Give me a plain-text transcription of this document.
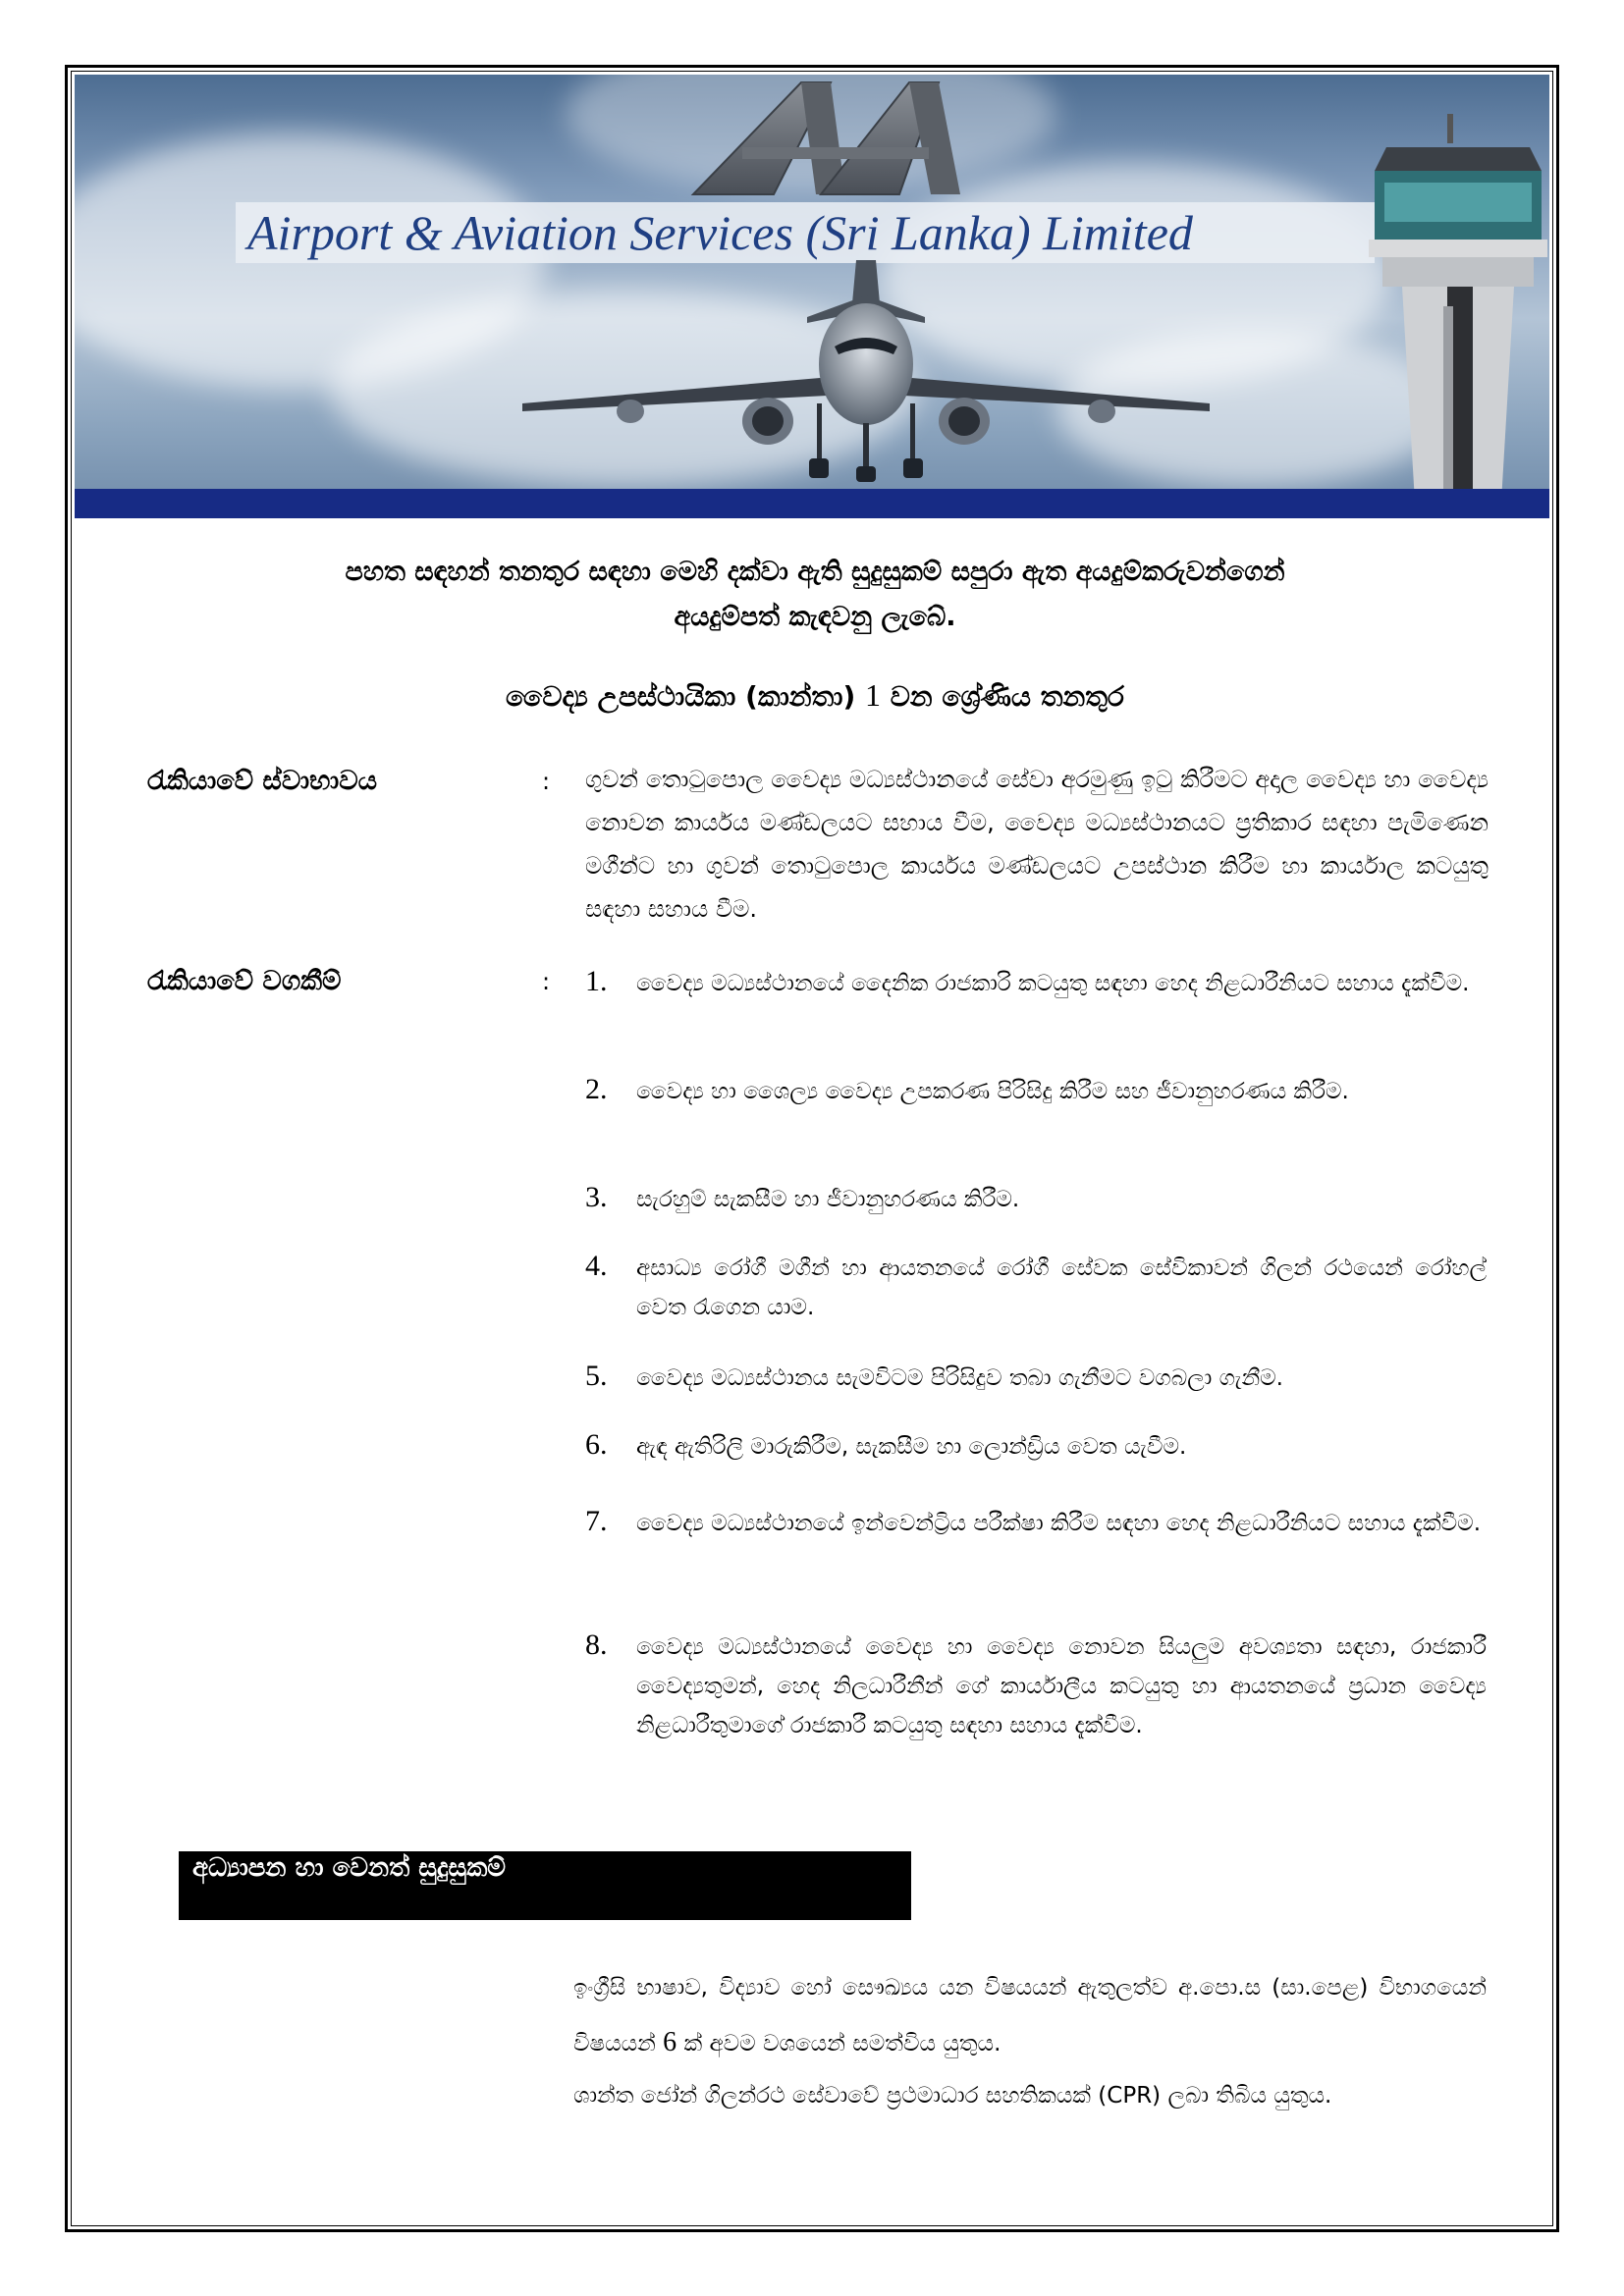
Airport & Aviation Services (Sri Lanka) Limited
පහත සඳහන් තනතුර සඳහා මෙහි දක්වා ඇති සුදුසුකම් සපුරා ඇත අයදුම්කරුවන්ගෙන්
අයදුම්පත් කැඳවනු ලැබේ.
වෛද්‍ය උපස්ථායිකා (කාන්තා) 1 වන ශ්‍රේණිය තනතුර
රැකියාවේ ස්වාභාවය	: ගුවන් තොටුපොල වෛද්‍ය මධ්‍යස්ථානයේ සේවා අරමුණු ඉටු කිරීමට අදාල වෛද්‍ය හා වෛද්‍ය නොවන කාර්යය මණ්ඩලයට සහාය වීම, වෛද්‍ය මධ්‍යස්ථානයට ප්‍රතිකාර සඳහා පැමිණෙන මගීන්ට හා ගුවන් තොටුපොල කාර්යය මණ්ඩලයට උපස්ථාන කිරීම හා කාර්යාල කටයුතු සඳහා සහාය වීම.
රැකියාවේ වගකීම්	: 1. වෛද්‍ය මධ්‍යස්ථානයේ දෛනික රාජකාරි කටයුතු සඳහා හෙද නිළධාරීනියට සහාය දැක්වීම.
2. වෛද්‍ය හා ශෛල්‍ය වෛද්‍ය උපකරණ පිරිසිදු කිරීම සහ ජීවානුහරණය කිරීම.
3. සැරහුම් සැකසීම හා ජීවානුහරණය කිරීම.
4. අසාධ්‍ය රෝගී මගීන් හා ආයතනයේ රෝගී සේවක සේවිකාවන් ගිලන් රථයෙන් රෝහල් වෙත රැගෙන යාම.
5. වෛද්‍ය මධ්‍යස්ථානය සැමවිටම පිරිසිදුව තබා ගැනීමට වගබලා ගැනීම.
6. ඇඳ ඇතිරිලි මාරුකිරීම, සැකසීම හා ලොන්ඩ්‍රිය වෙත යැවීම.
7. වෛද්‍ය මධ්‍යස්ථානයේ ඉන්වෙන්ට්‍රිය පරීක්ෂා කිරීම සඳහා හෙද නිළධාරීනියට සහාය දැක්වීම.
8. වෛද්‍ය මධ්‍යස්ථානයේ වෛද්‍ය හා වෛද්‍ය නොවන සියලුම අවශ්‍යතා සඳහා, රාජකාරී වෛද්‍යතුමන්, හෙද නිලධාරීනීන් ගේ කාර්යාලීය කටයුතු හා ආයතනයේ ප්‍රධාන වෛද්‍ය නිළධාරීතුමාගේ රාජකාරී කටයුතු සඳහා සහාය දැක්වීම.
අධ්‍යාපන හා වෙනත් සුදුසුකම්
ඉංග්‍රීසි භාෂාව, විද්‍යාව හෝ සෞඛ්‍යය යන විෂයයන් ඇතුලත්ව අ.පො.ස (සා.පෙළ) විභාගයෙන් විෂයයන් 6 ක් අවම වශයෙන් සමත්විය යුතුය.
ශාන්ත ජෝන් ගිලන්රථ සේවාවේ ප්‍රථමාධාර සහතිකයක් (CPR) ලබා තිබිය යුතුය.
